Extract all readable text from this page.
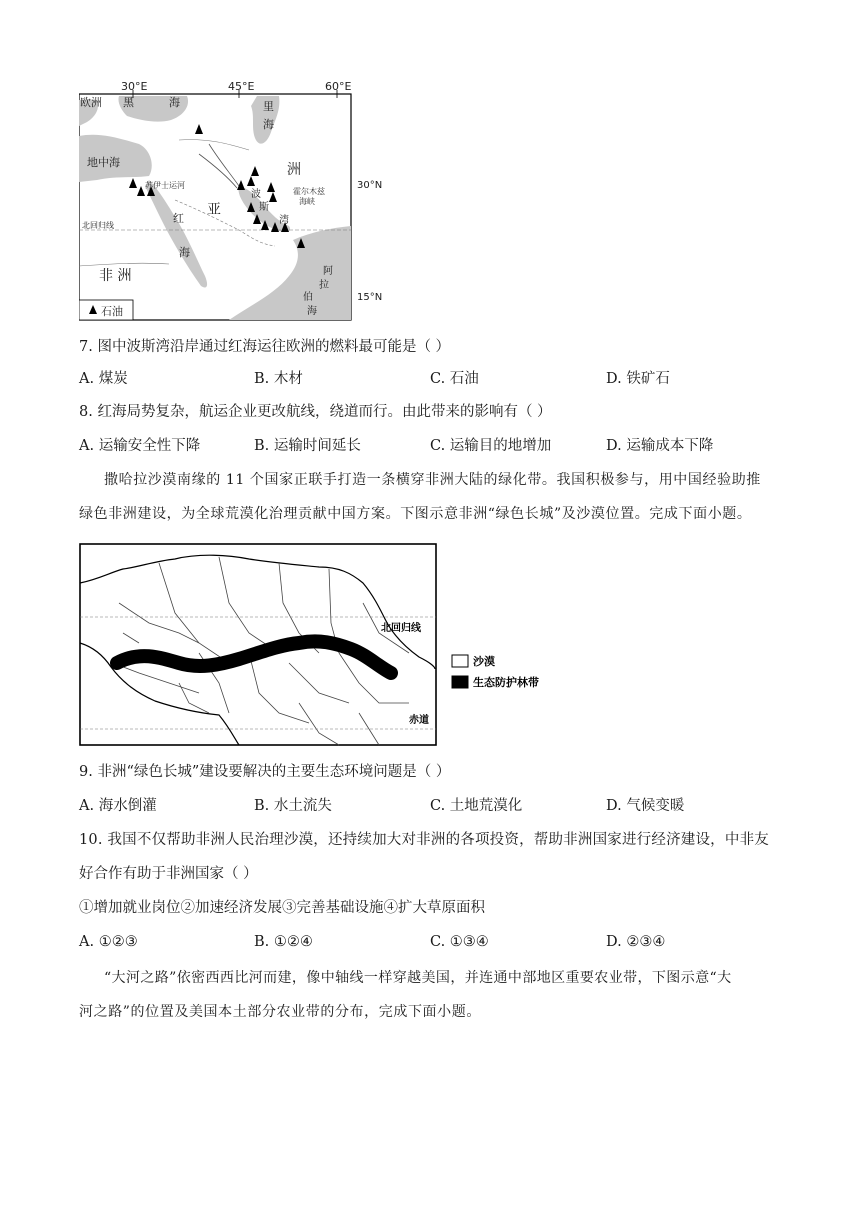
30°E	45°E	60°E
欧洲 黑	海	里
海
地中海
亚
洲
波
斯
湾
北回归线
红
海
非 洲	阿
拉
伯
海
苏伊士运河
霍尔木兹
海峡
石油
30°N
15°N
7. 图中波斯湾沿岸通过红海运往欧洲的燃料最可能是（ ）
A. 煤炭	B. 木材	C. 石油	D. 铁矿石
8. 红海局势复杂，航运企业更改航线，绕道而行。由此带来的影响有（ ）
A. 运输安全性下降	B. 运输时间延长	C. 运输目的地增加	D. 运输成本下降
撒哈拉沙漠南缘的 11 个国家正联手打造一条横穿非洲大陆的绿化带。我国积极参与，用中国经验助推
绿色非洲建设，为全球荒漠化治理贡献中国方案。下图示意非洲“绿色长城”及沙漠位置。完成下面小题。
北回归线
赤道
沙漠
生态防护林带
9. 非洲“绿色长城”建设要解决的主要生态环境问题是（ ）
A. 海水倒灌	B. 水土流失	C. 土地荒漠化	D. 气候变暖
10. 我国不仅帮助非洲人民治理沙漠，还持续加大对非洲的各项投资，帮助非洲国家进行经济建设，中非友
好合作有助于非洲国家（ ）
①增加就业岗位②加速经济发展③完善基础设施④扩大草原面积
A. ①②③	B. ①②④	C. ①③④	D. ②③④
“大河之路”依密西西比河而建，像中轴线一样穿越美国，并连通中部地区重要农业带，下图示意“大
河之路”的位置及美国本土部分农业带的分布，完成下面小题。
